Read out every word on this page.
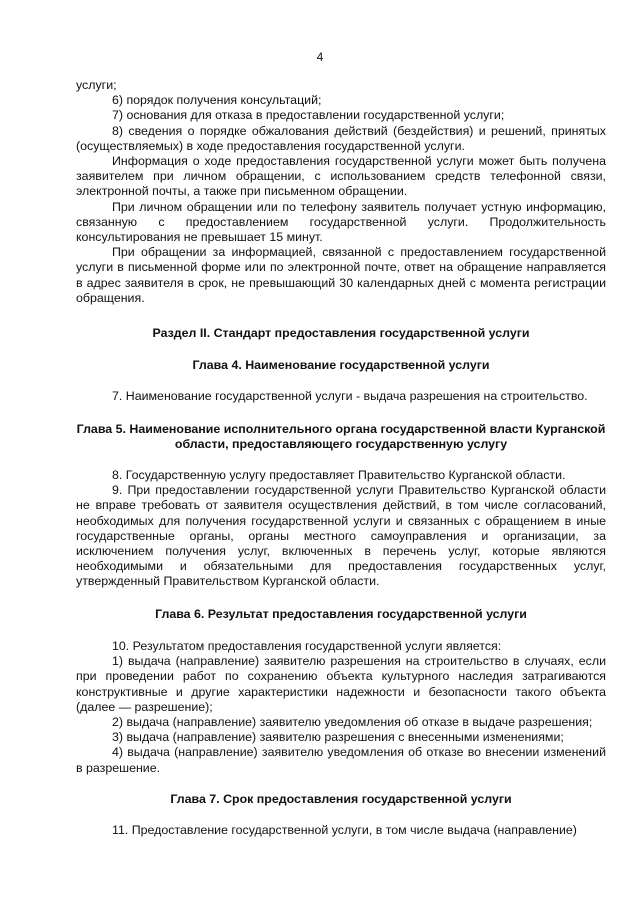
4

услуги;

6) порядок получения консультаций;

7) основания для отказа в предоставлении государственной услуги;

8) сведения о порядке обжалования действий (бездействия) и решений, принятых (осуществляемых) в ходе предоставления государственной услуги.

Информация о ходе предоставления государственной услуги может быть получена заявителем при личном обращении, с использованием средств телефонной связи, электронной почты, а также при письменном обращении.

При личном обращении или по телефону заявитель получает устную информацию, связанную с предоставлением государственной услуги. Продолжительность консультирования не превышает 15 минут.

При обращении за информацией, связанной с предоставлением государственной услуги в письменной форме или по электронной почте, ответ на обращение направляется в адрес заявителя в срок, не превышающий 30 календарных дней с момента регистрации обращения.

Раздел II. Стандарт предоставления государственной услуги

Глава 4. Наименование государственной услуги

7. Наименование государственной услуги - выдача разрешения на строительство.

Глава 5. Наименование исполнительного органа государственной власти Курганской области, предоставляющего государственную услугу

8. Государственную услугу предоставляет Правительство Курганской области.

9. При предоставлении государственной услуги Правительство Курганской области не вправе требовать от заявителя осуществления действий, в том числе согласований, необходимых для получения государственной услуги и связанных с обращением в иные государственные органы, органы местного самоуправления и организации, за исключением получения услуг, включенных в перечень услуг, которые являются необходимыми и обязательными для предоставления государственных услуг, утвержденный Правительством Курганской области.

Глава 6. Результат предоставления государственной услуги

10. Результатом предоставления государственной услуги является:

1) выдача (направление) заявителю разрешения на строительство в случаях, если при проведении работ по сохранению объекта культурного наследия затрагиваются конструктивные и другие характеристики надежности и безопасности такого объекта (далее — разрешение);

2) выдача (направление) заявителю уведомления об отказе в выдаче разрешения;

3) выдача (направление) заявителю разрешения с внесенными изменениями;

4) выдача (направление) заявителю уведомления об отказе во внесении изменений в разрешение.

Глава 7. Срок предоставления государственной услуги

11. Предоставление государственной услуги, в том числе выдача (направление)
